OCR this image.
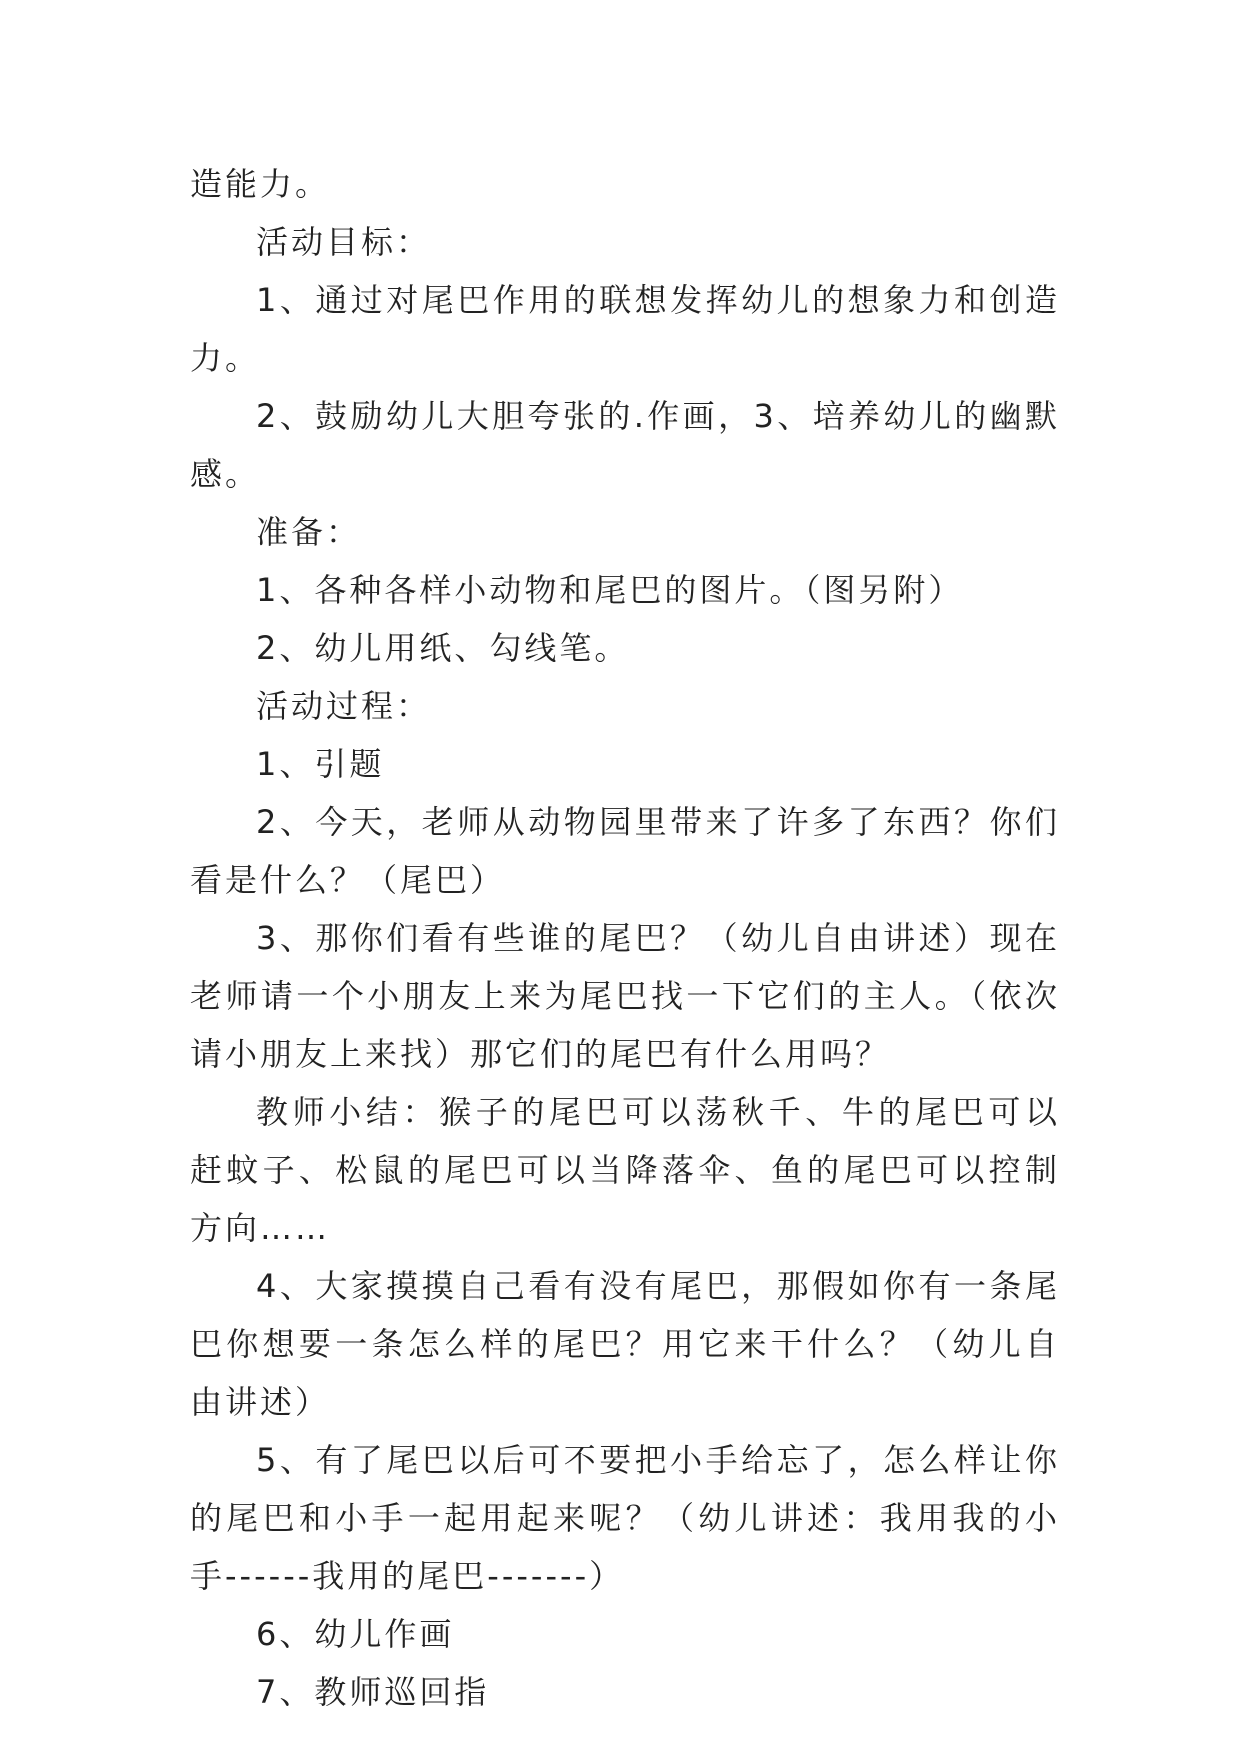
造能力。

活动目标：

1、通过对尾巴作用的联想发挥幼儿的想象力和创造力。

2、鼓励幼儿大胆夸张的.作画，3、培养幼儿的幽默感。

准备：

1、各种各样小动物和尾巴的图片。（图另附）

2、幼儿用纸、勾线笔。

活动过程：

1、引题

2、今天，老师从动物园里带来了许多了东西？你们看是什么？（尾巴）

3、那你们看有些谁的尾巴？（幼儿自由讲述）现在老师请一个小朋友上来为尾巴找一下它们的主人。（依次请小朋友上来找）那它们的尾巴有什么用吗？

教师小结：猴子的尾巴可以荡秋千、牛的尾巴可以赶蚊子、松鼠的尾巴可以当降落伞、鱼的尾巴可以控制方向……

4、大家摸摸自己看有没有尾巴，那假如你有一条尾巴你想要一条怎么样的尾巴？用它来干什么？（幼儿自由讲述）

5、有了尾巴以后可不要把小手给忘了，怎么样让你的尾巴和小手一起用起来呢？（幼儿讲述：我用我的小手------我用的尾巴-------）

6、幼儿作画

7、教师巡回指
